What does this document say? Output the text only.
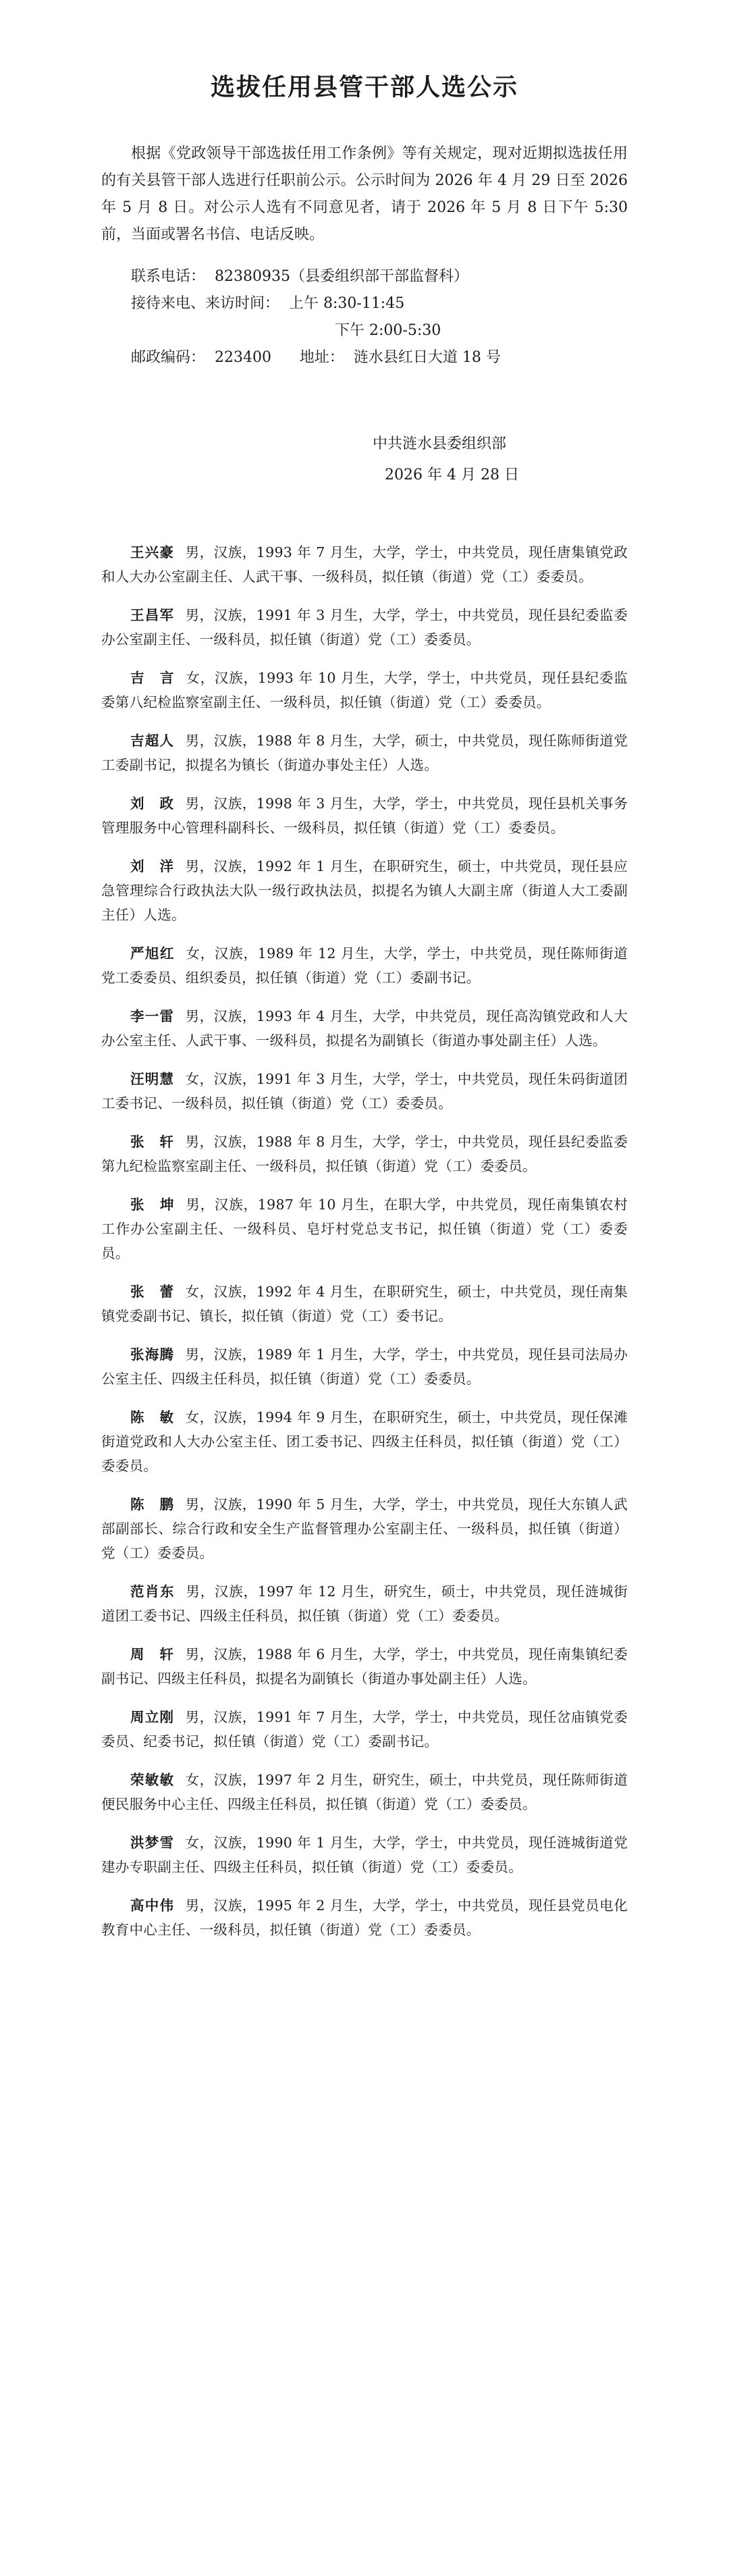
选拔任用县管干部人选公示

根据《党政领导干部选拔任用工作条例》等有关规定，现对近期拟选拔任用的有关县管干部人选进行任职前公示。公示时间为 2026 年 4 月 29 日至 2026 年 5 月 8 日。对公示人选有不同意见者，请于 2026 年 5 月 8 日下午 5:30 前，当面或署名书信、电话反映。

联系电话：  82380935（县委组织部干部监督科）
接待来电、来访时间：  上午 8:30-11:45
下午 2:00-5:30
邮政编码：  223400      地址：  涟水县红日大道 18 号
中共涟水县委组织部
2026 年 4 月 28 日

王兴豪 男，汉族，1993 年 7 月生，大学，学士，中共党员，现任唐集镇党政和人大办公室副主任、人武干事、一级科员，拟任镇（街道）党（工）委委员。

王昌军 男，汉族，1991 年 3 月生，大学，学士，中共党员，现任县纪委监委办公室副主任、一级科员，拟任镇（街道）党（工）委委员。

吉　言 女，汉族，1993 年 10 月生，大学，学士，中共党员，现任县纪委监委第八纪检监察室副主任、一级科员，拟任镇（街道）党（工）委委员。

吉超人 男，汉族，1988 年 8 月生，大学，硕士，中共党员，现任陈师街道党工委副书记，拟提名为镇长（街道办事处主任）人选。

刘　政 男，汉族，1998 年 3 月生，大学，学士，中共党员，现任县机关事务管理服务中心管理科副科长、一级科员，拟任镇（街道）党（工）委委员。

刘　洋 男，汉族，1992 年 1 月生，在职研究生，硕士，中共党员，现任县应急管理综合行政执法大队一级行政执法员，拟提名为镇人大副主席（街道人大工委副主任）人选。

严旭红 女，汉族，1989 年 12 月生，大学，学士，中共党员，现任陈师街道党工委委员、组织委员，拟任镇（街道）党（工）委副书记。

李一雷 男，汉族，1993 年 4 月生，大学，中共党员，现任高沟镇党政和人大办公室主任、人武干事、一级科员，拟提名为副镇长（街道办事处副主任）人选。

汪明慧 女，汉族，1991 年 3 月生，大学，学士，中共党员，现任朱码街道团工委书记、一级科员，拟任镇（街道）党（工）委委员。

张　轩 男，汉族，1988 年 8 月生，大学，学士，中共党员，现任县纪委监委第九纪检监察室副主任、一级科员，拟任镇（街道）党（工）委委员。

张　坤 男，汉族，1987 年 10 月生，在职大学，中共党员，现任南集镇农村工作办公室副主任、一级科员、皂圩村党总支书记，拟任镇（街道）党（工）委委员。

张　蕾 女，汉族，1992 年 4 月生，在职研究生，硕士，中共党员，现任南集镇党委副书记、镇长，拟任镇（街道）党（工）委书记。

张海腾 男，汉族，1989 年 1 月生，大学，学士，中共党员，现任县司法局办公室主任、四级主任科员，拟任镇（街道）党（工）委委员。

陈　敏 女，汉族，1994 年 9 月生，在职研究生，硕士，中共党员，现任保滩街道党政和人大办公室主任、团工委书记、四级主任科员，拟任镇（街道）党（工）委委员。

陈　鹏 男，汉族，1990 年 5 月生，大学，学士，中共党员，现任大东镇人武部副部长、综合行政和安全生产监督管理办公室副主任、一级科员，拟任镇（街道）党（工）委委员。

范肖东 男，汉族，1997 年 12 月生，研究生，硕士，中共党员，现任涟城街道团工委书记、四级主任科员，拟任镇（街道）党（工）委委员。

周　轩 男，汉族，1988 年 6 月生，大学，学士，中共党员，现任南集镇纪委副书记、四级主任科员，拟提名为副镇长（街道办事处副主任）人选。

周立刚 男，汉族，1991 年 7 月生，大学，学士，中共党员，现任岔庙镇党委委员、纪委书记，拟任镇（街道）党（工）委副书记。

荣敏敏 女，汉族，1997 年 2 月生，研究生，硕士，中共党员，现任陈师街道便民服务中心主任、四级主任科员，拟任镇（街道）党（工）委委员。

洪梦雪 女，汉族，1990 年 1 月生，大学，学士，中共党员，现任涟城街道党建办专职副主任、四级主任科员，拟任镇（街道）党（工）委委员。

高中伟 男，汉族，1995 年 2 月生，大学，学士，中共党员，现任县党员电化教育中心主任、一级科员，拟任镇（街道）党（工）委委员。
